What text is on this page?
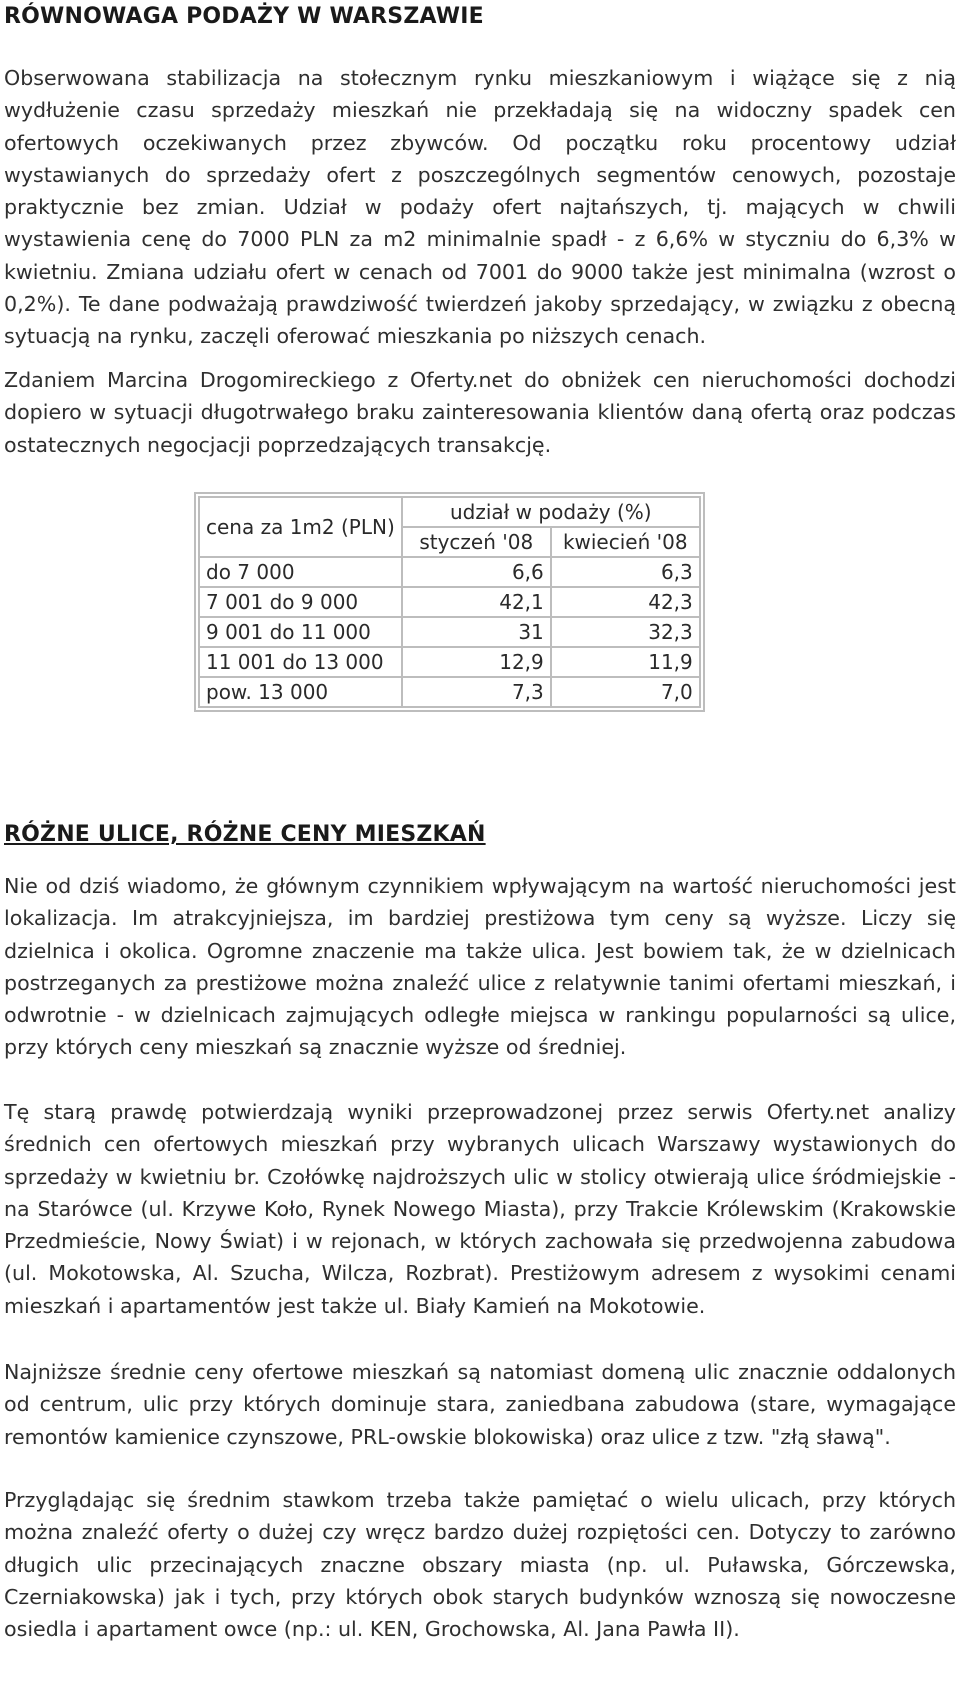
RÓWNOWAGA PODAŻY W WARSZAWIE

Obserwowana stabilizacja na stołecznym rynku mieszkaniowym i wiążące się z nią wydłużenie czasu sprzedaży mieszkań nie przekładają się na widoczny spadek cen ofertowych oczekiwanych przez zbywców. Od początku roku procentowy udział wystawianych do sprzedaży ofert z poszczególnych segmentów cenowych, pozostaje praktycznie bez zmian. Udział w podaży ofert najtańszych, tj. mających w chwili wystawienia cenę do 7000 PLN za m2 minimalnie spadł - z 6,6% w styczniu do 6,3% w kwietniu. Zmiana udziału ofert w cenach od 7001 do 9000 także jest minimalna (wzrost o 0,2%). Te dane podważają prawdziwość twierdzeń jakoby sprzedający, w związku z obecną sytuacją na rynku, zaczęli oferować mieszkania po niższych cenach.

Zdaniem Marcina Drogomireckiego z Oferty.net do obniżek cen nieruchomości dochodzi dopiero w sytuacji długotrwałego braku zainteresowania klientów daną ofertą oraz podczas ostatecznych negocjacji poprzedzających transakcję.

cena za 1m2 (PLN)	udział w podaży (%)	
	styczeń '08	kwiecień '08
do 7 000	6,6	6,3
7 001 do 9 000	42,1	42,3
9 001 do 11 000	31	32,3
11 001 do 13 000	12,9	11,9
pow. 13 000	7,3	7,0
RÓŻNE ULICE, RÓŻNE CENY MIESZKAŃ

Nie od dziś wiadomo, że głównym czynnikiem wpływającym na wartość nieruchomości jest lokalizacja. Im atrakcyjniejsza, im bardziej prestiżowa tym ceny są wyższe. Liczy się dzielnica i okolica. Ogromne znaczenie ma także ulica. Jest bowiem tak, że w dzielnicach postrzeganych za prestiżowe można znaleźć ulice z relatywnie tanimi ofertami mieszkań, i odwrotnie - w dzielnicach zajmujących odległe miejsca w rankingu popularności są ulice, przy których ceny mieszkań są znacznie wyższe od średniej.

Tę starą prawdę potwierdzają wyniki przeprowadzonej przez serwis Oferty.net analizy średnich cen ofertowych mieszkań przy wybranych ulicach Warszawy wystawionych do sprzedaży w kwietniu br. Czołówkę najdroższych ulic w stolicy otwierają ulice śródmiejskie - na Starówce (ul. Krzywe Koło, Rynek Nowego Miasta), przy Trakcie Królewskim (Krakowskie Przedmieście, Nowy Świat) i w rejonach, w których zachowała się przedwojenna zabudowa (ul. Mokotowska, Al. Szucha, Wilcza, Rozbrat). Prestiżowym adresem z wysokimi cenami mieszkań i apartamentów jest także ul. Biały Kamień na Mokotowie.

Najniższe średnie ceny ofertowe mieszkań są natomiast domeną ulic znacznie oddalonych od centrum, ulic przy których dominuje stara, zaniedbana zabudowa (stare, wymagające remontów kamienice czynszowe, PRL-owskie blokowiska) oraz ulice z tzw. "złą sławą".

Przyglądając się średnim stawkom trzeba także pamiętać o wielu ulicach, przy których można znaleźć oferty o dużej czy wręcz bardzo dużej rozpiętości cen. Dotyczy to zarówno długich ulic przecinających znaczne obszary miasta (np. ul. Puławska, Górczewska, Czerniakowska) jak i tych, przy których obok starych budynków wznoszą się nowoczesne osiedla i apartament owce (np.: ul. KEN, Grochowska, Al. Jana Pawła II).
